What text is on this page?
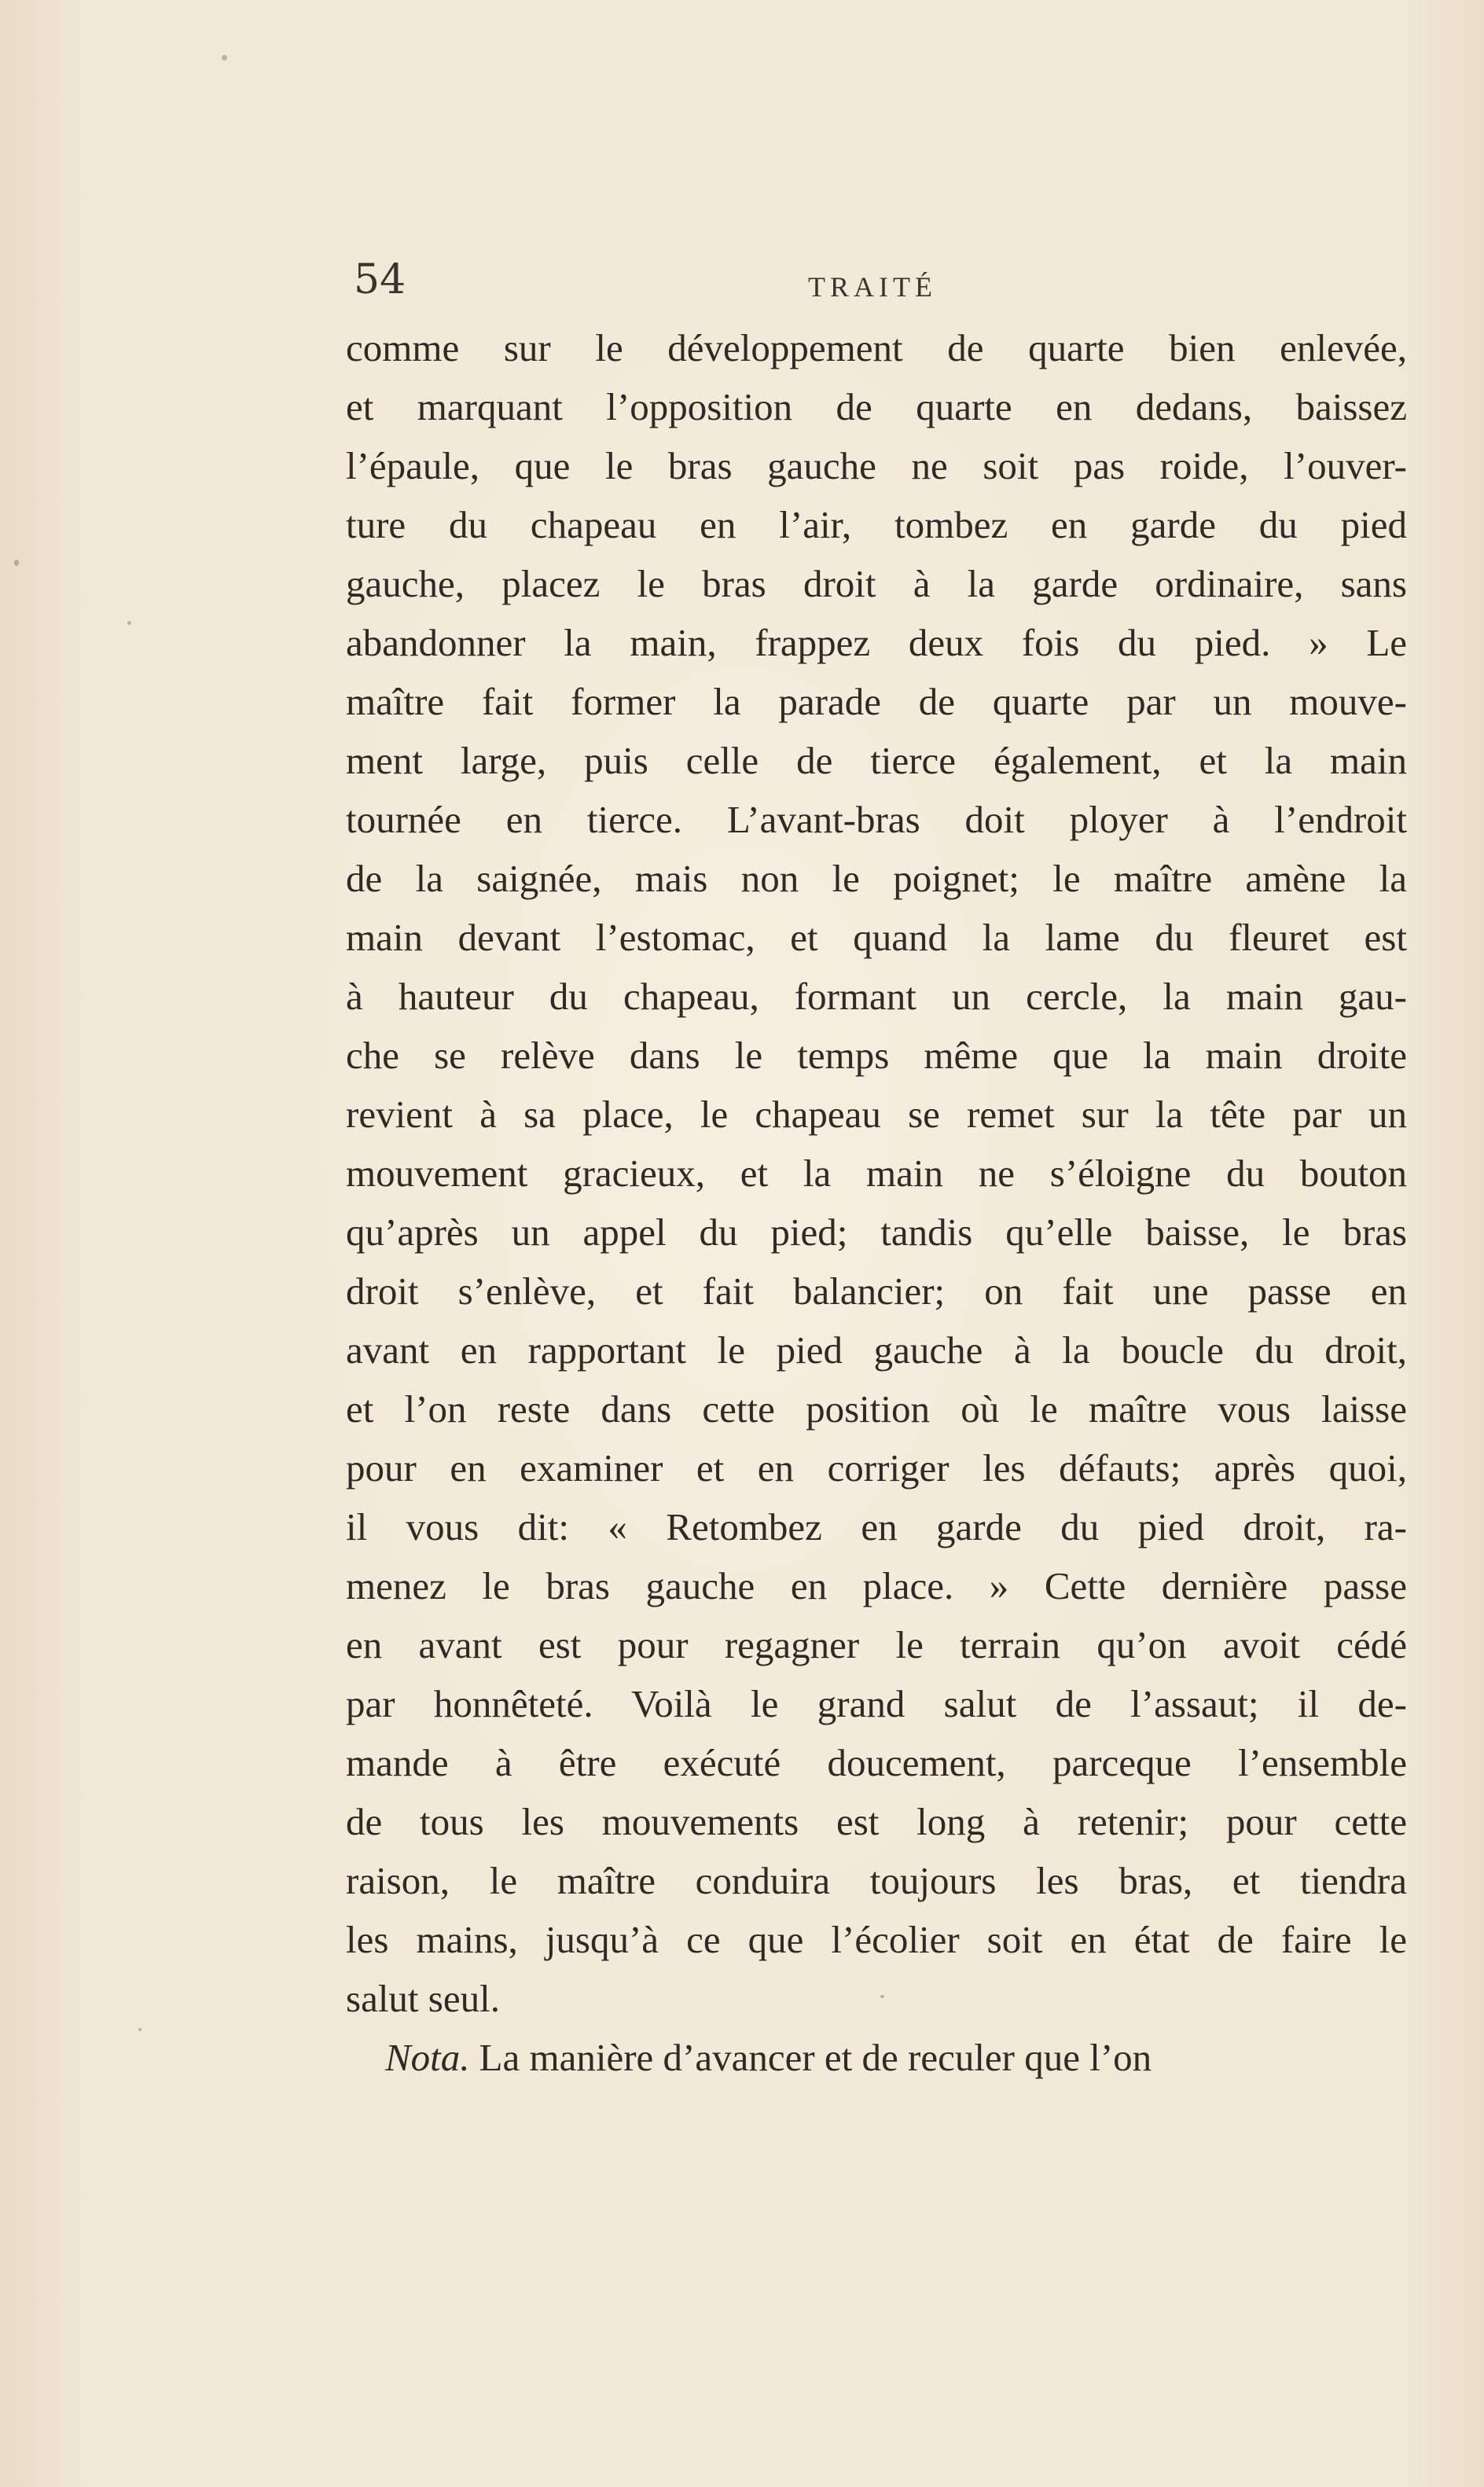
54	TRAITÉ
comme sur le développement de quarte bien enlevée,
et marquant l’opposition de quarte en dedans, baissez
l’épaule, que le bras gauche ne soit pas roide, l’ouver-
ture du chapeau en l’air, tombez en garde du pied
gauche, placez le bras droit à la garde ordinaire, sans
abandonner la main, frappez deux fois du pied. » Le
maître fait former la parade de quarte par un mouve-
ment large, puis celle de tierce également, et la main
tournée en tierce. L’avant-bras doit ployer à l’endroit
de la saignée, mais non le poignet; le maître amène la
main devant l’estomac, et quand la lame du fleuret est
à hauteur du chapeau, formant un cercle, la main gau-
che se relève dans le temps même que la main droite
revient à sa place, le chapeau se remet sur la tête par un
mouvement gracieux, et la main ne s’éloigne du bouton
qu’après un appel du pied; tandis qu’elle baisse, le bras
droit s’enlève, et fait balancier; on fait une passe en
avant en rapportant le pied gauche à la boucle du droit,
et l’on reste dans cette position où le maître vous laisse
pour en examiner et en corriger les défauts; après quoi,
il vous dit: « Retombez en garde du pied droit, ra-
menez le bras gauche en place. » Cette dernière passe
en avant est pour regagner le terrain qu’on avoit cédé
par honnêteté. Voilà le grand salut de l’assaut; il de-
mande à être exécuté doucement, parceque l’ensemble
de tous les mouvements est long à retenir; pour cette
raison, le maître conduira toujours les bras, et tiendra
les mains, jusqu’à ce que l’écolier soit en état de faire le
salut seul.
Nota. La manière d’avancer et de reculer que l’on
